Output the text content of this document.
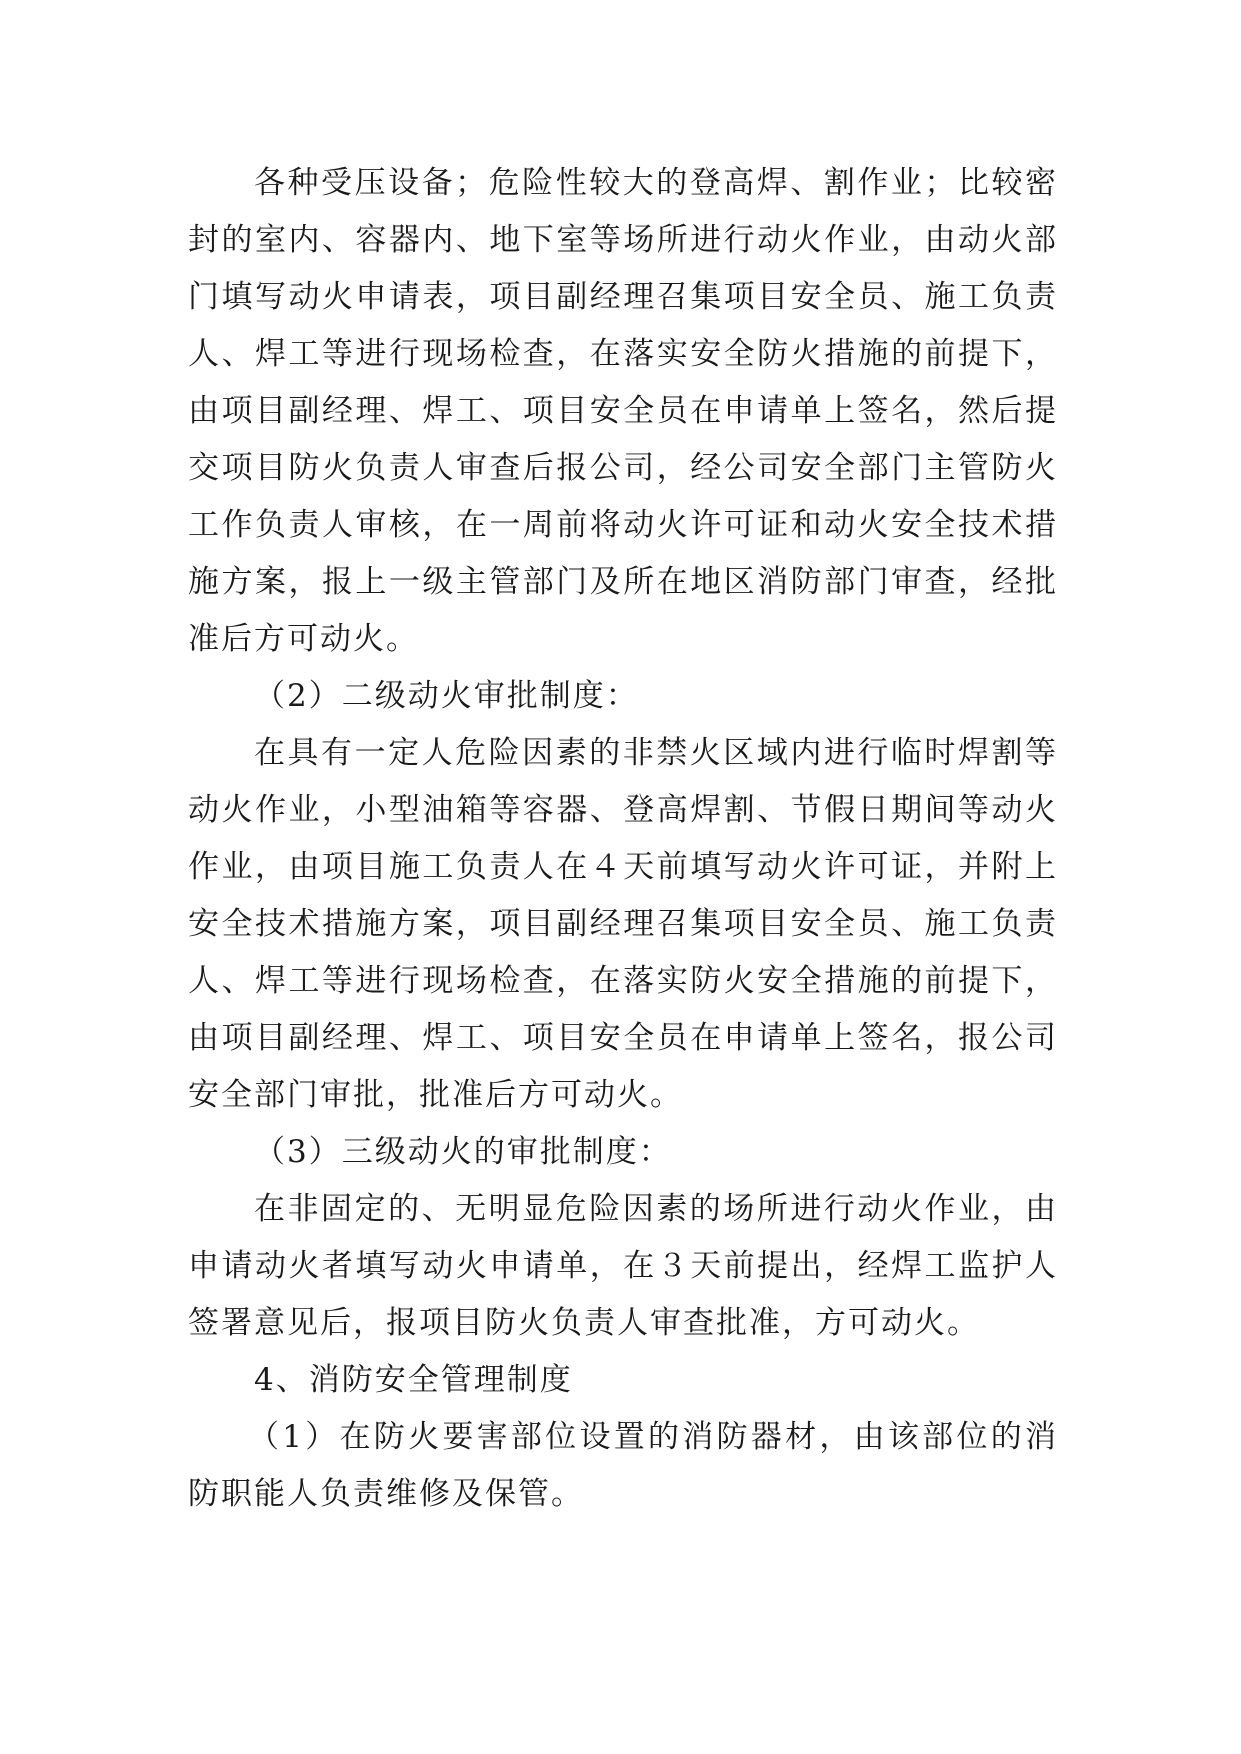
各种受压设备；危险性较大的登高焊、割作业；比较密封的室内、容器内、地下室等场所进行动火作业，由动火部门填写动火申请表，项目副经理召集项目安全员、施工负责人、焊工等进行现场检查，在落实安全防火措施的前提下，由项目副经理、焊工、项目安全员在申请单上签名，然后提交项目防火负责人审查后报公司，经公司安全部门主管防火工作负责人审核，在一周前将动火许可证和动火安全技术措施方案，报上一级主管部门及所在地区消防部门审查，经批准后方可动火。

（2）二级动火审批制度：

在具有一定人危险因素的非禁火区域内进行临时焊割等动火作业，小型油箱等容器、登高焊割、节假日期间等动火作业，由项目施工负责人在４天前填写动火许可证，并附上安全技术措施方案，项目副经理召集项目安全员、施工负责人、焊工等进行现场检查，在落实防火安全措施的前提下，由项目副经理、焊工、项目安全员在申请单上签名，报公司安全部门审批，批准后方可动火。

（3）三级动火的审批制度：

在非固定的、无明显危险因素的场所进行动火作业，由申请动火者填写动火申请单，在３天前提出，经焊工监护人签署意见后，报项目防火负责人审查批准，方可动火。

4、消防安全管理制度

（1）在防火要害部位设置的消防器材，由该部位的消防职能人负责维修及保管。
